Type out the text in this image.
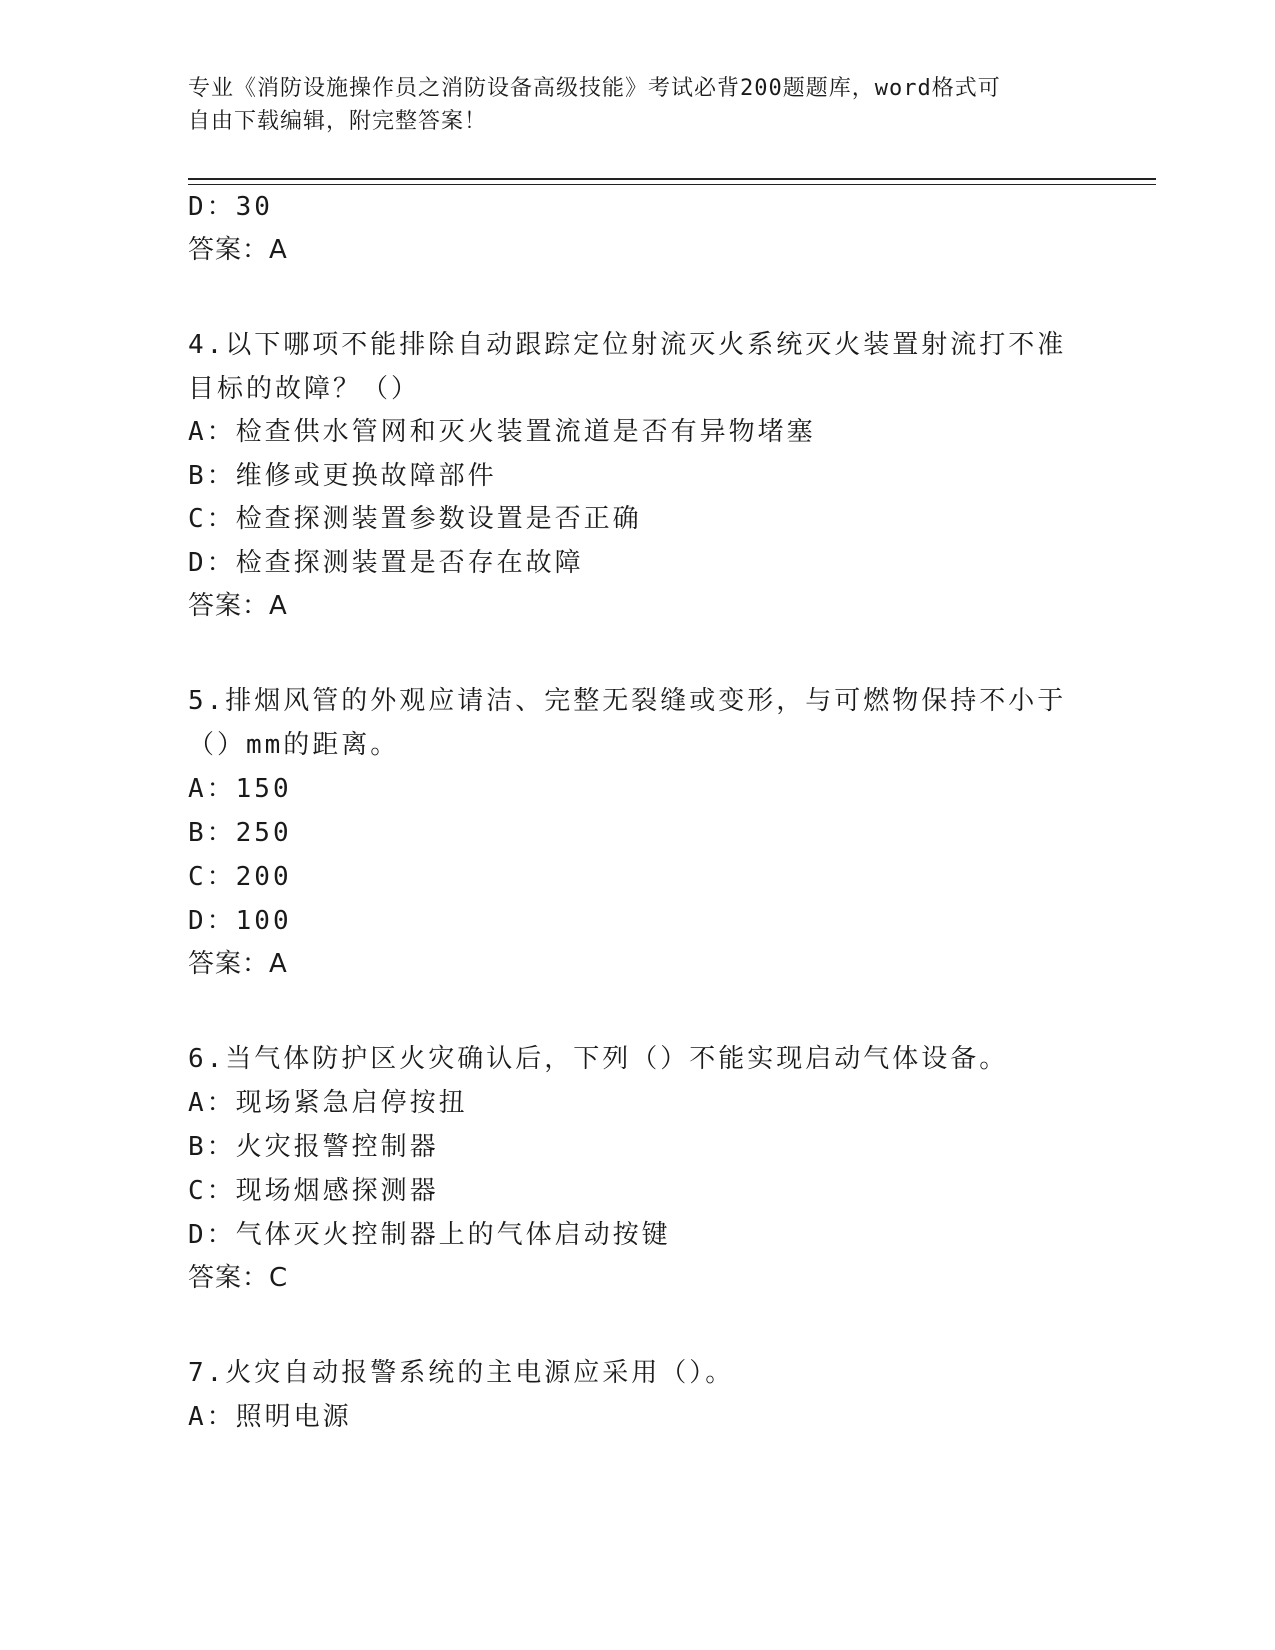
专业《消防设施操作员之消防设备高级技能》考试必背200题题库，word格式可
自由下载编辑，附完整答案！
D：30
答案：A
4.以下哪项不能排除自动跟踪定位射流灭火系统灭火装置射流打不准
目标的故障？（）
A：检查供水管网和灭火装置流道是否有异物堵塞
B：维修或更换故障部件
C：检查探测装置参数设置是否正确
D：检查探测装置是否存在故障
答案：A
5.排烟风管的外观应请洁、完整无裂缝或变形，与可燃物保持不小于
（）mm的距离。
A：150
B：250
C：200
D：100
答案：A
6.当气体防护区火灾确认后，下列（）不能实现启动气体设备。
A：现场紧急启停按扭
B：火灾报警控制器
C：现场烟感探测器
D：气体灭火控制器上的气体启动按键
答案：C
7.火灾自动报警系统的主电源应采用（）。
A：照明电源
